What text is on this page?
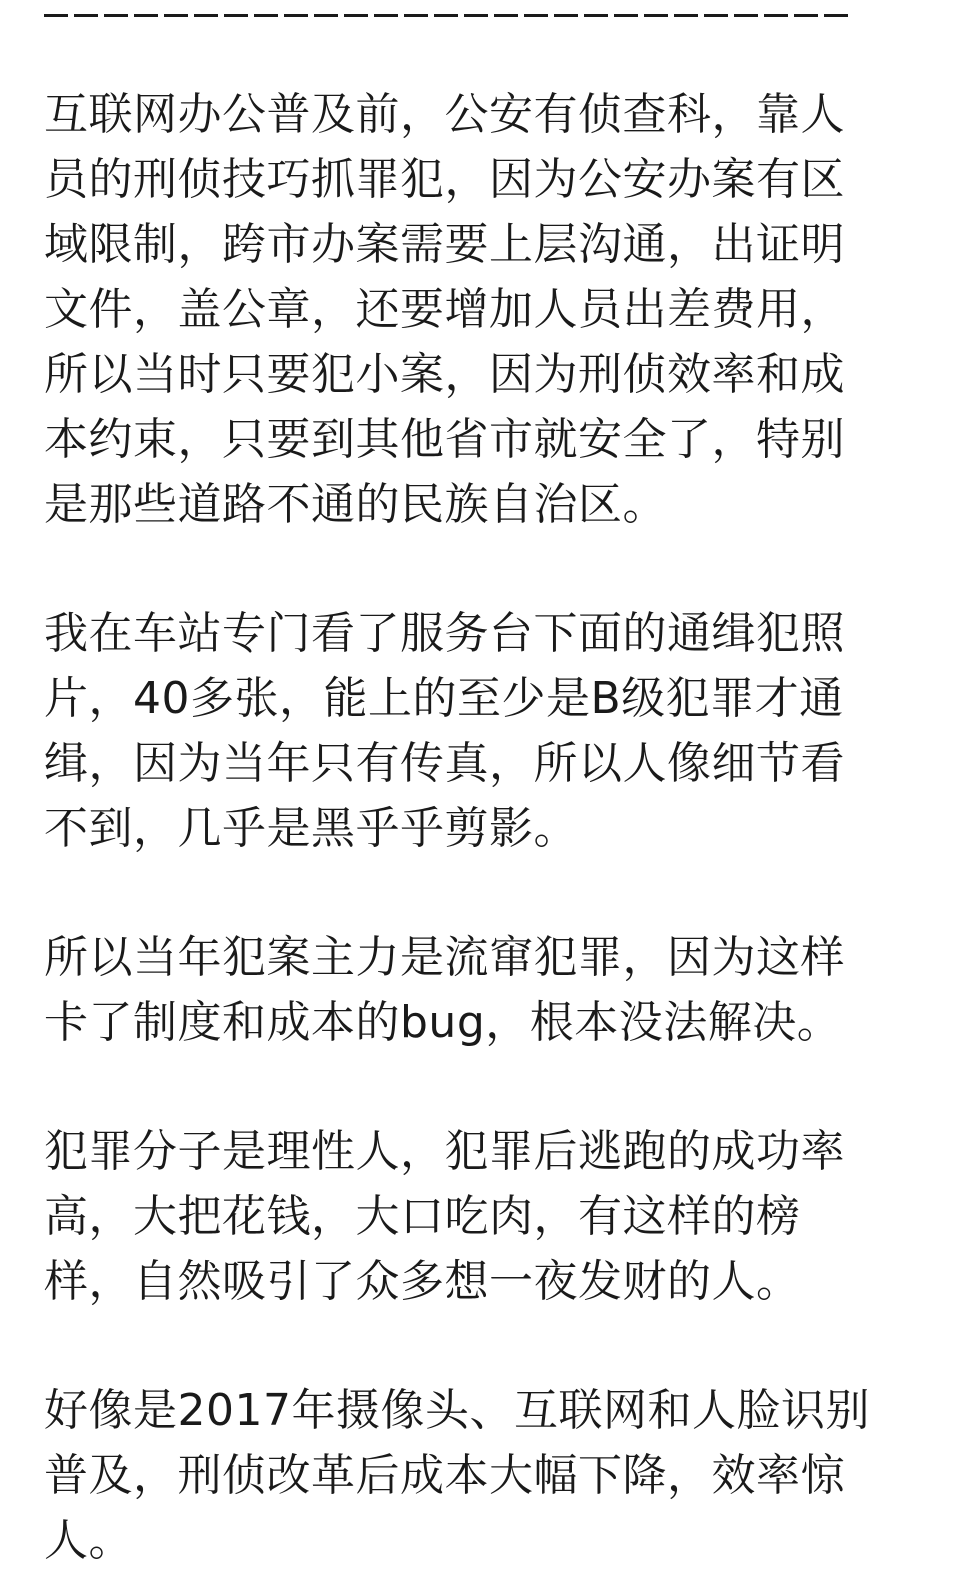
互联网办公普及前，公安有侦查科，靠人员的刑侦技巧抓罪犯，因为公安办案有区域限制，跨市办案需要上层沟通，出证明文件，盖公章，还要增加人员出差费用，所以当时只要犯小案，因为刑侦效率和成本约束，只要到其他省市就安全了，特别是那些道路不通的民族自治区。

我在车站专门看了服务台下面的通缉犯照片，40多张，能上的至少是B级犯罪才通缉，因为当年只有传真，所以人像细节看不到，几乎是黑乎乎剪影。

所以当年犯案主力是流窜犯罪，因为这样卡了制度和成本的bug，根本没法解决。

犯罪分子是理性人，犯罪后逃跑的成功率高，大把花钱，大口吃肉，有这样的榜样，自然吸引了众多想一夜发财的人。

好像是2017年摄像头、互联网和人脸识别普及，刑侦改革后成本大幅下降，效率惊人。
